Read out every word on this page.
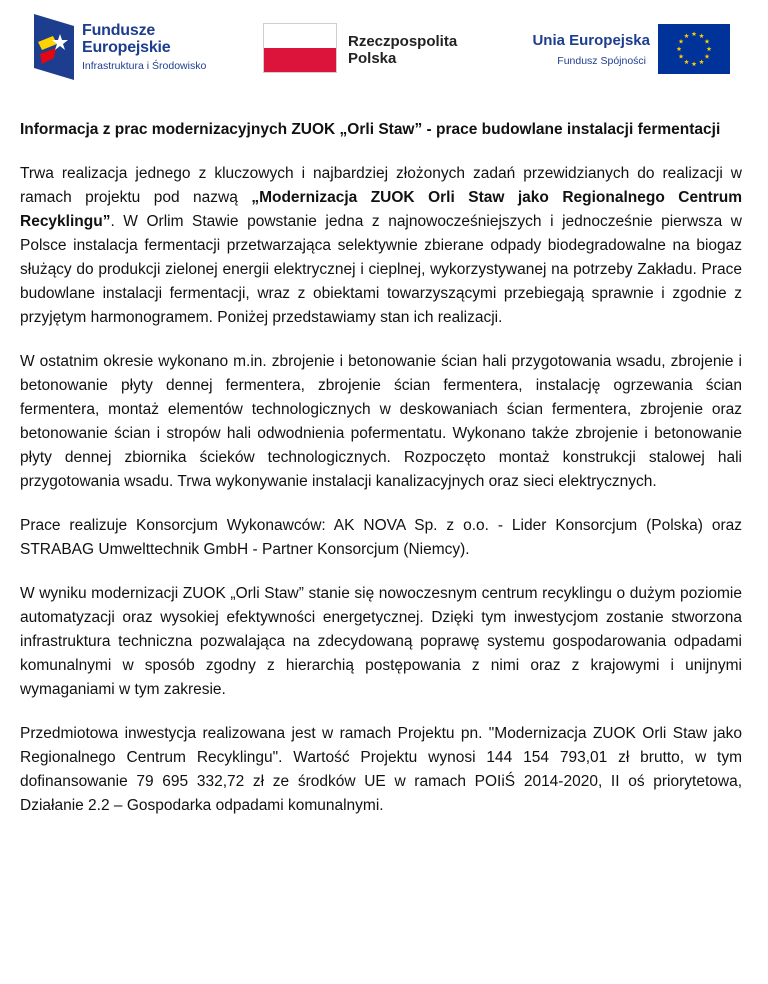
Fundusze
Europejskie
Infrastruktura i Środowisko
Rzeczpospolita
Polska
Unia Europejska
Fundusz Spójności
Informacja z prac modernizacyjnych ZUOK „Orli Staw” - prace budowlane instalacji fermentacji

Trwa realizacja jednego z kluczowych i najbardziej złożonych zadań przewidzianych do realizacji w ramach projektu pod nazwą „Modernizacja ZUOK Orli Staw jako Regionalnego Centrum Recyklingu”. W Orlim Stawie powstanie jedna z najnowocześniejszych i jednocześnie pierwsza w Polsce instalacja fermentacji przetwarzająca selektywnie zbierane odpady biodegradowalne na biogaz służący do produkcji zielonej energii elektrycznej i cieplnej, wykorzystywanej na potrzeby Zakładu. Prace budowlane instalacji fermentacji, wraz z obiektami towarzyszącymi przebiegają sprawnie i zgodnie z przyjętym harmonogramem. Poniżej przedstawiamy stan ich realizacji.

W ostatnim okresie wykonano m.in. zbrojenie i betonowanie ścian hali przygotowania wsadu, zbrojenie i betonowanie płyty dennej fermentera, zbrojenie ścian fermentera, instalację ogrzewania ścian fermentera, montaż elementów technologicznych w deskowaniach ścian fermentera, zbrojenie oraz betonowanie ścian i stropów hali odwodnienia pofermentatu. Wykonano także zbrojenie i betonowanie płyty dennej zbiornika ścieków technologicznych. Rozpoczęto montaż konstrukcji stalowej hali przygotowania wsadu. Trwa wykonywanie instalacji kanalizacyjnych oraz sieci elektrycznych.

Prace realizuje Konsorcjum Wykonawców: AK NOVA Sp. z o.o. - Lider Konsorcjum (Polska) oraz STRABAG Umwelttechnik GmbH - Partner Konsorcjum (Niemcy).

W wyniku modernizacji ZUOK „Orli Staw” stanie się nowoczesnym centrum recyklingu o dużym poziomie automatyzacji oraz wysokiej efektywności energetycznej. Dzięki tym inwestycjom zostanie stworzona infrastruktura techniczna pozwalająca na zdecydowaną poprawę systemu gospodarowania odpadami komunalnymi w sposób zgodny z hierarchią postępowania z nimi oraz z krajowymi i unijnymi wymaganiami w tym zakresie.

Przedmiotowa inwestycja realizowana jest w ramach Projektu pn. "Modernizacja ZUOK Orli Staw jako Regionalnego Centrum Recyklingu". Wartość Projektu wynosi 144 154 793,01 zł brutto, w tym dofinansowanie 79 695 332,72 zł ze środków UE w ramach POIiŚ 2014-2020, II oś priorytetowa, Działanie 2.2 – Gospodarka odpadami komunalnymi.
